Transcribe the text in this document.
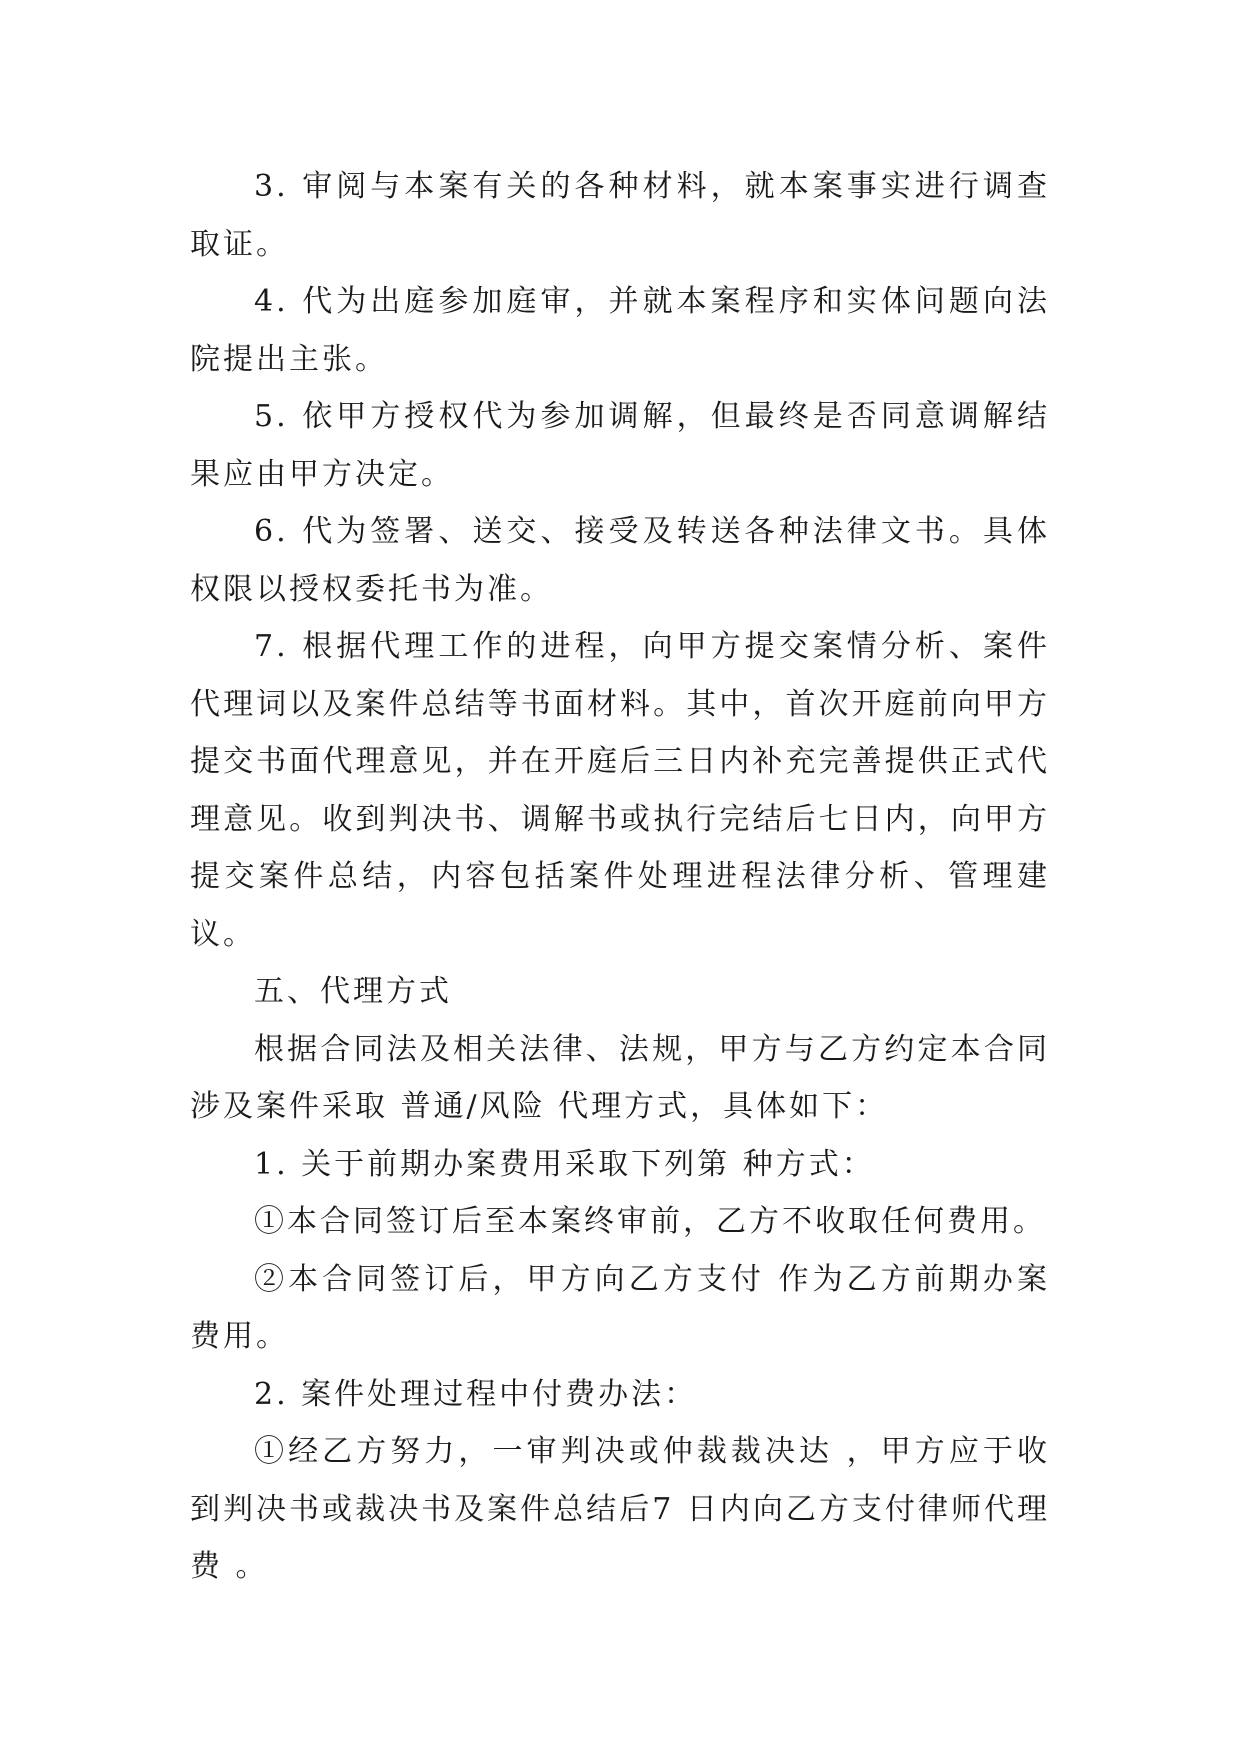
3. 审阅与本案有关的各种材料，就本案事实进行调查取证。

4. 代为出庭参加庭审，并就本案程序和实体问题向法院提出主张。

5. 依甲方授权代为参加调解，但最终是否同意调解结果应由甲方决定。

6. 代为签署、送交、接受及转送各种法律文书。具体权限以授权委托书为准。

7. 根据代理工作的进程，向甲方提交案情分析、案件代理词以及案件总结等书面材料。其中，首次开庭前向甲方提交书面代理意见，并在开庭后三日内补充完善提供正式代理意见。收到判决书、调解书或执行完结后七日内，向甲方提交案件总结，内容包括案件处理进程法律分析、管理建议。

五、代理方式

根据合同法及相关法律、法规，甲方与乙方约定本合同涉及案件采取 普通/风险 代理方式，具体如下：

1. 关于前期办案费用采取下列第 种方式：

①本合同签订后至本案终审前，乙方不收取任何费用。

②本合同签订后，甲方向乙方支付 作为乙方前期办案费用。

2. 案件处理过程中付费办法：

①经乙方努力，一审判决或仲裁裁决达 ，甲方应于收到判决书或裁决书及案件总结后7 日内向乙方支付律师代理费 。
